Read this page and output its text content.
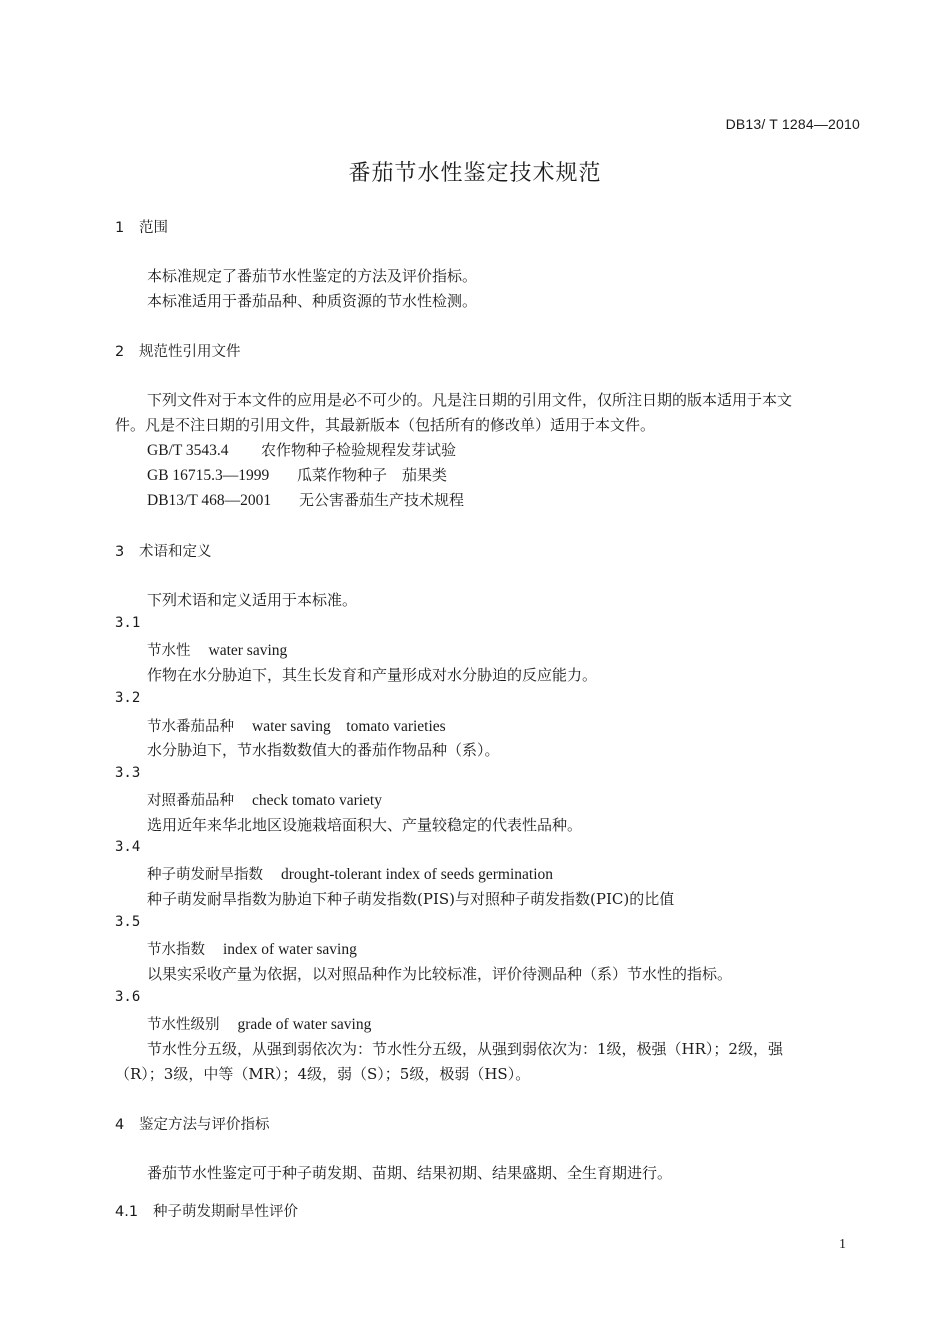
DB13/ T 1284—2010
番茄节水性鉴定技术规范
1 范围
本标准规定了番茄节水性鉴定的方法及评价指标。
本标准适用于番茄品种、种质资源的节水性检测。
2 规范性引用文件
下列文件对于本文件的应用是必不可少的。凡是注日期的引用文件，仅所注日期的版本适用于本文
件。凡是不注日期的引用文件，其最新版本（包括所有的修改单）适用于本文件。
GB/T 3543.4 农作物种子检验规程发芽试验
GB 16715.3—1999 瓜菜作物种子　茄果类
DB13/T 468—2001 无公害番茄生产技术规程
3 术语和定义
下列术语和定义适用于本标准。
3.1
节水性 water saving
作物在水分胁迫下，其生长发育和产量形成对水分胁迫的反应能力。
3.2
节水番茄品种 water saving　tomato varieties
水分胁迫下，节水指数数值大的番茄作物品种（系）。
3.3
对照番茄品种 check tomato variety
选用近年来华北地区设施栽培面积大、产量较稳定的代表性品种。
3.4
种子萌发耐旱指数 drought-tolerant index of seeds germination
种子萌发耐旱指数为胁迫下种子萌发指数(PIS)与对照种子萌发指数(PIC)的比值
3.5
节水指数 index of water saving
以果实采收产量为依据，以对照品种作为比较标准，评价待测品种（系）节水性的指标。
3.6
节水性级别 grade of water saving
节水性分五级，从强到弱依次为：节水性分五级，从强到弱依次为：1级，极强（HR）；2级，强
（R）；3级，中等（MR）；4级，弱（S）；5级，极弱（HS）。
4 鉴定方法与评价指标
番茄节水性鉴定可于种子萌发期、苗期、结果初期、结果盛期、全生育期进行。
4.1 种子萌发期耐旱性评价
1
